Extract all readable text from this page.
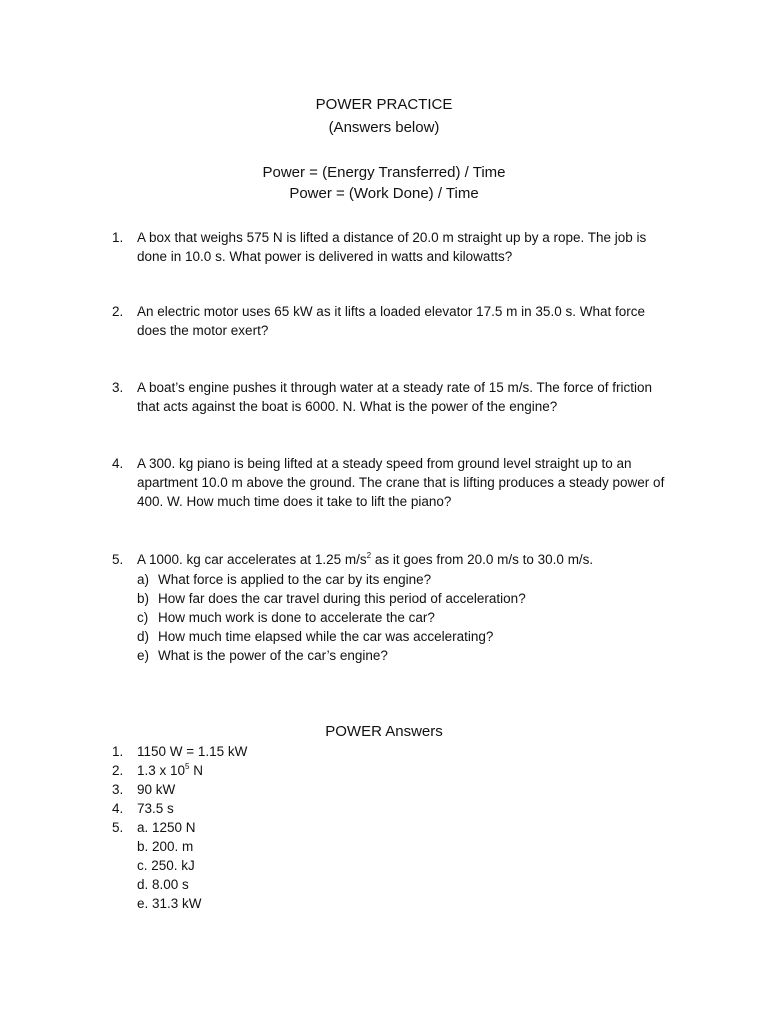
POWER PRACTICE
(Answers below)
Power = (Energy Transferred) / Time
Power = (Work Done) / Time
1.	A box that weighs 575 N is lifted a distance of 20.0 m straight up by a rope. The job is done in 10.0 s. What power is delivered in watts and kilowatts?
2.	An electric motor uses 65 kW as it lifts a loaded elevator 17.5 m in 35.0 s. What force does the motor exert?
3.	A boat’s engine pushes it through water at a steady rate of 15 m/s. The force of friction that acts against the boat is 6000. N. What is the power of the engine?
4.	A 300. kg piano is being lifted at a steady speed from ground level straight up to an apartment 10.0 m above the ground. The crane that is lifting produces a steady power of 400. W. How much time does it take to lift the piano?
5.	A 1000. kg car accelerates at 1.25 $m/s^2$ as it goes from 20.0 m/s to 30.0 m/s.
a) What force is applied to the car by its engine?
b) How far does the car travel during this period of acceleration?
c) How much work is done to accelerate the car?
d) How much time elapsed while the car was accelerating?
e) What is the power of the car’s engine?
POWER Answers
1.	1150 W = 1.15 kW
2.	1.3 x $10^5$ N
3.	90 kW
4.	73.5 s
5.	a. 1250 N
b. 200. m
c. 250. kJ
d. 8.00 s
e. 31.3 kW
